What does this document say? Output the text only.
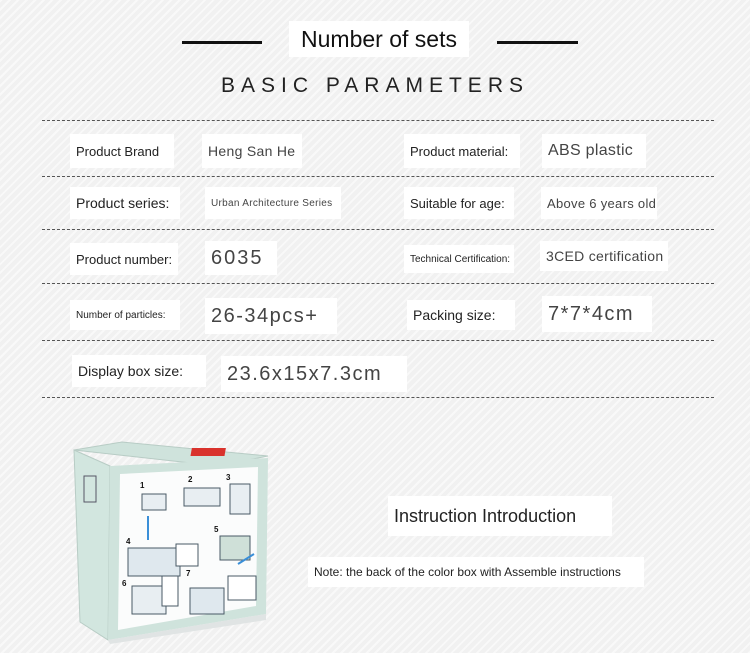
Number of sets
BASIC PARAMETERS
Product Brand	Heng San He	Product material:	ABS plastic
Product series:	Urban Architecture Series	Suitable for age:	Above 6 years old
Product number:	6035	Technical Certification:	3CED certification
Number of particles:	26-34pcs+	Packing size:	7*7*4cm
Display box size:	23.6x15x7.3cm
1
2	3
4
5
6
7
Instruction Introduction
Note: the back of the color box with Assemble instructions
